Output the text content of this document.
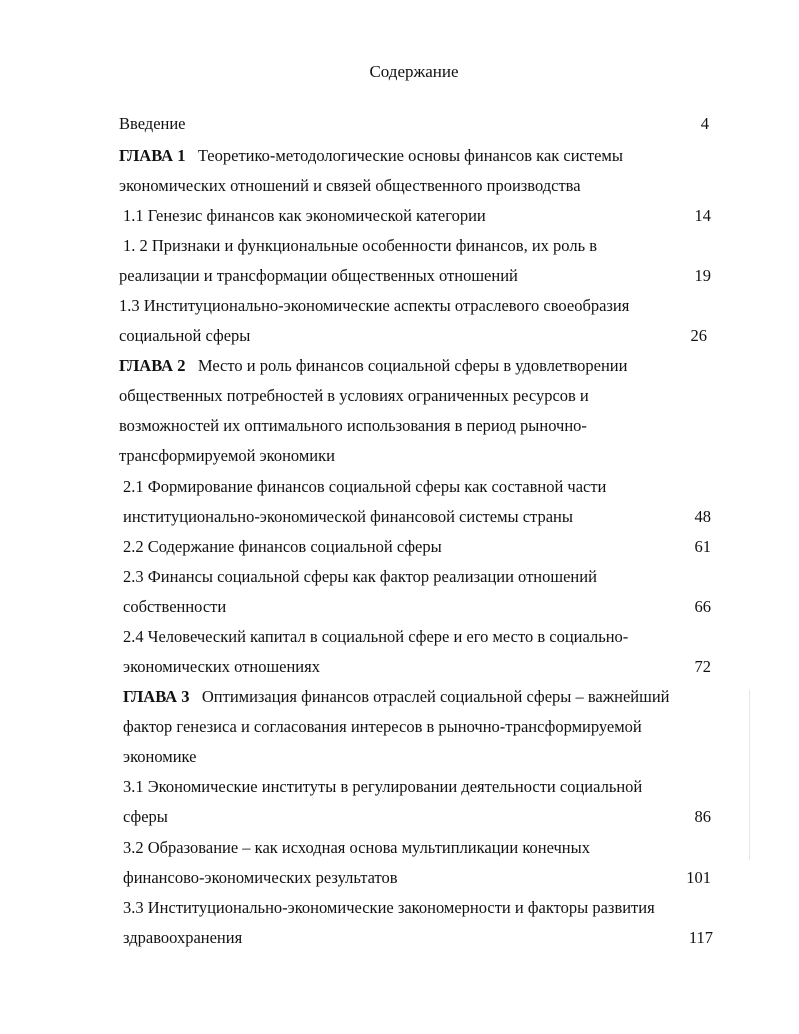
Содержание
Введение	4
ГЛАВА 1 Теоретико-методологические основы финансов как системы
экономических отношений и связей общественного производства
1.1 Генезис финансов как экономической категории	14
1. 2 Признаки и функциональные особенности финансов, их роль в
реализации и трансформации общественных отношений	19
1.3 Институционально-экономические аспекты отраслевого своеобразия
социальной сферы	26
ГЛАВА 2 Место и роль финансов социальной сферы в удовлетворении
общественных потребностей в условиях ограниченных ресурсов и
возможностей их оптимального использования в период рыночно-
трансформируемой экономики
2.1 Формирование финансов социальной сферы как составной части
институционально-экономической финансовой системы страны	48
2.2 Содержание финансов социальной сферы	61
2.3 Финансы социальной сферы как фактор реализации отношений
собственности	66
2.4 Человеческий капитал в социальной сфере и его место в социально-
экономических отношениях	72
ГЛАВА 3 Оптимизация финансов отраслей социальной сферы – важнейший
фактор генезиса и согласования интересов в рыночно-трансформируемой
экономике
3.1 Экономические институты в регулировании деятельности социальной
сферы	86
3.2 Образование – как исходная основа мультипликации конечных
финансово-экономических результатов	101
3.3 Институционально-экономические закономерности и факторы развития
здравоохранения	117
